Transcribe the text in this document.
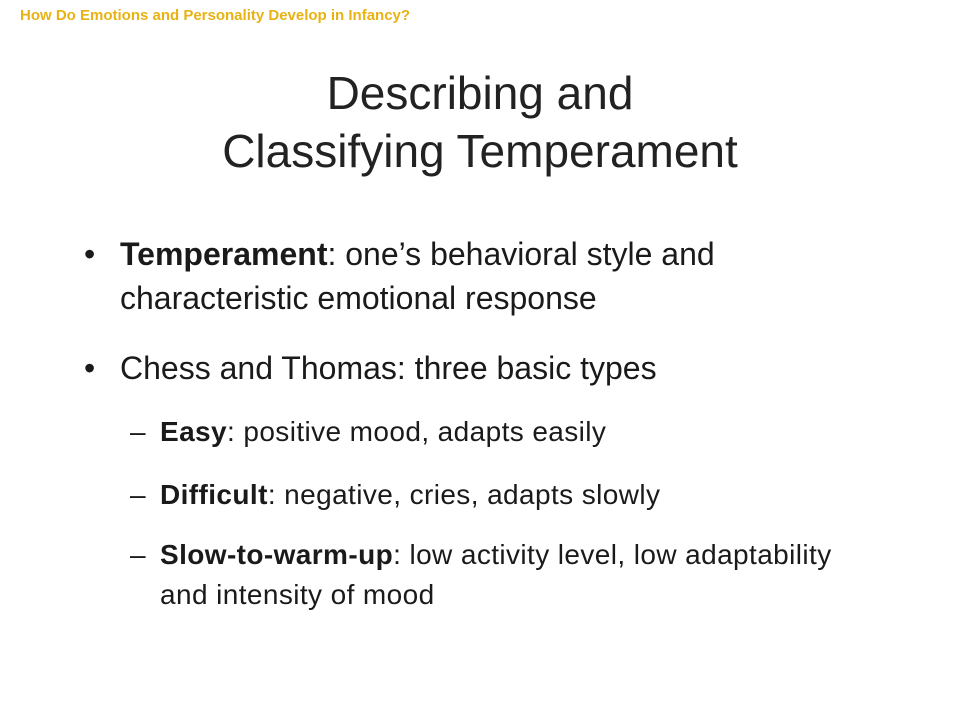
How Do Emotions and Personality Develop in Infancy?
Describing and
Classifying Temperament
• Temperament: one’s behavioral style and characteristic emotional response
• Chess and Thomas: three basic types
– Easy: positive mood, adapts easily
– Difficult: negative, cries, adapts slowly
– Slow-to-warm-up: low activity level, low adaptability and intensity of mood
